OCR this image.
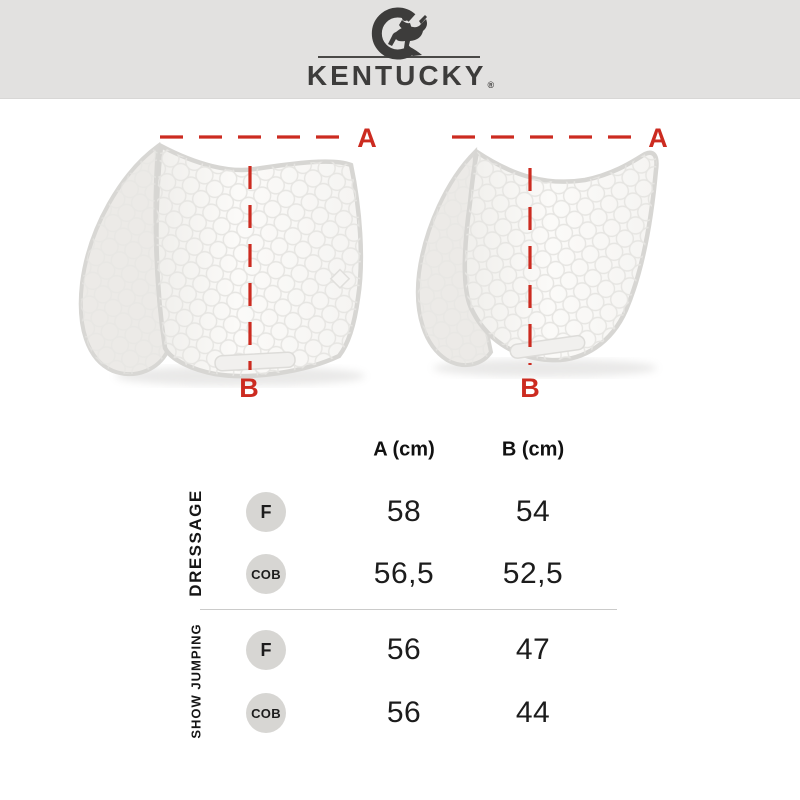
KENTUCKY®
A
B
A
B
A (cm)	B (cm)
DRESSAGE	F	58	54
COB	56,5 52,5
SHOW JUMPING	F	56	47
COB	56	44
